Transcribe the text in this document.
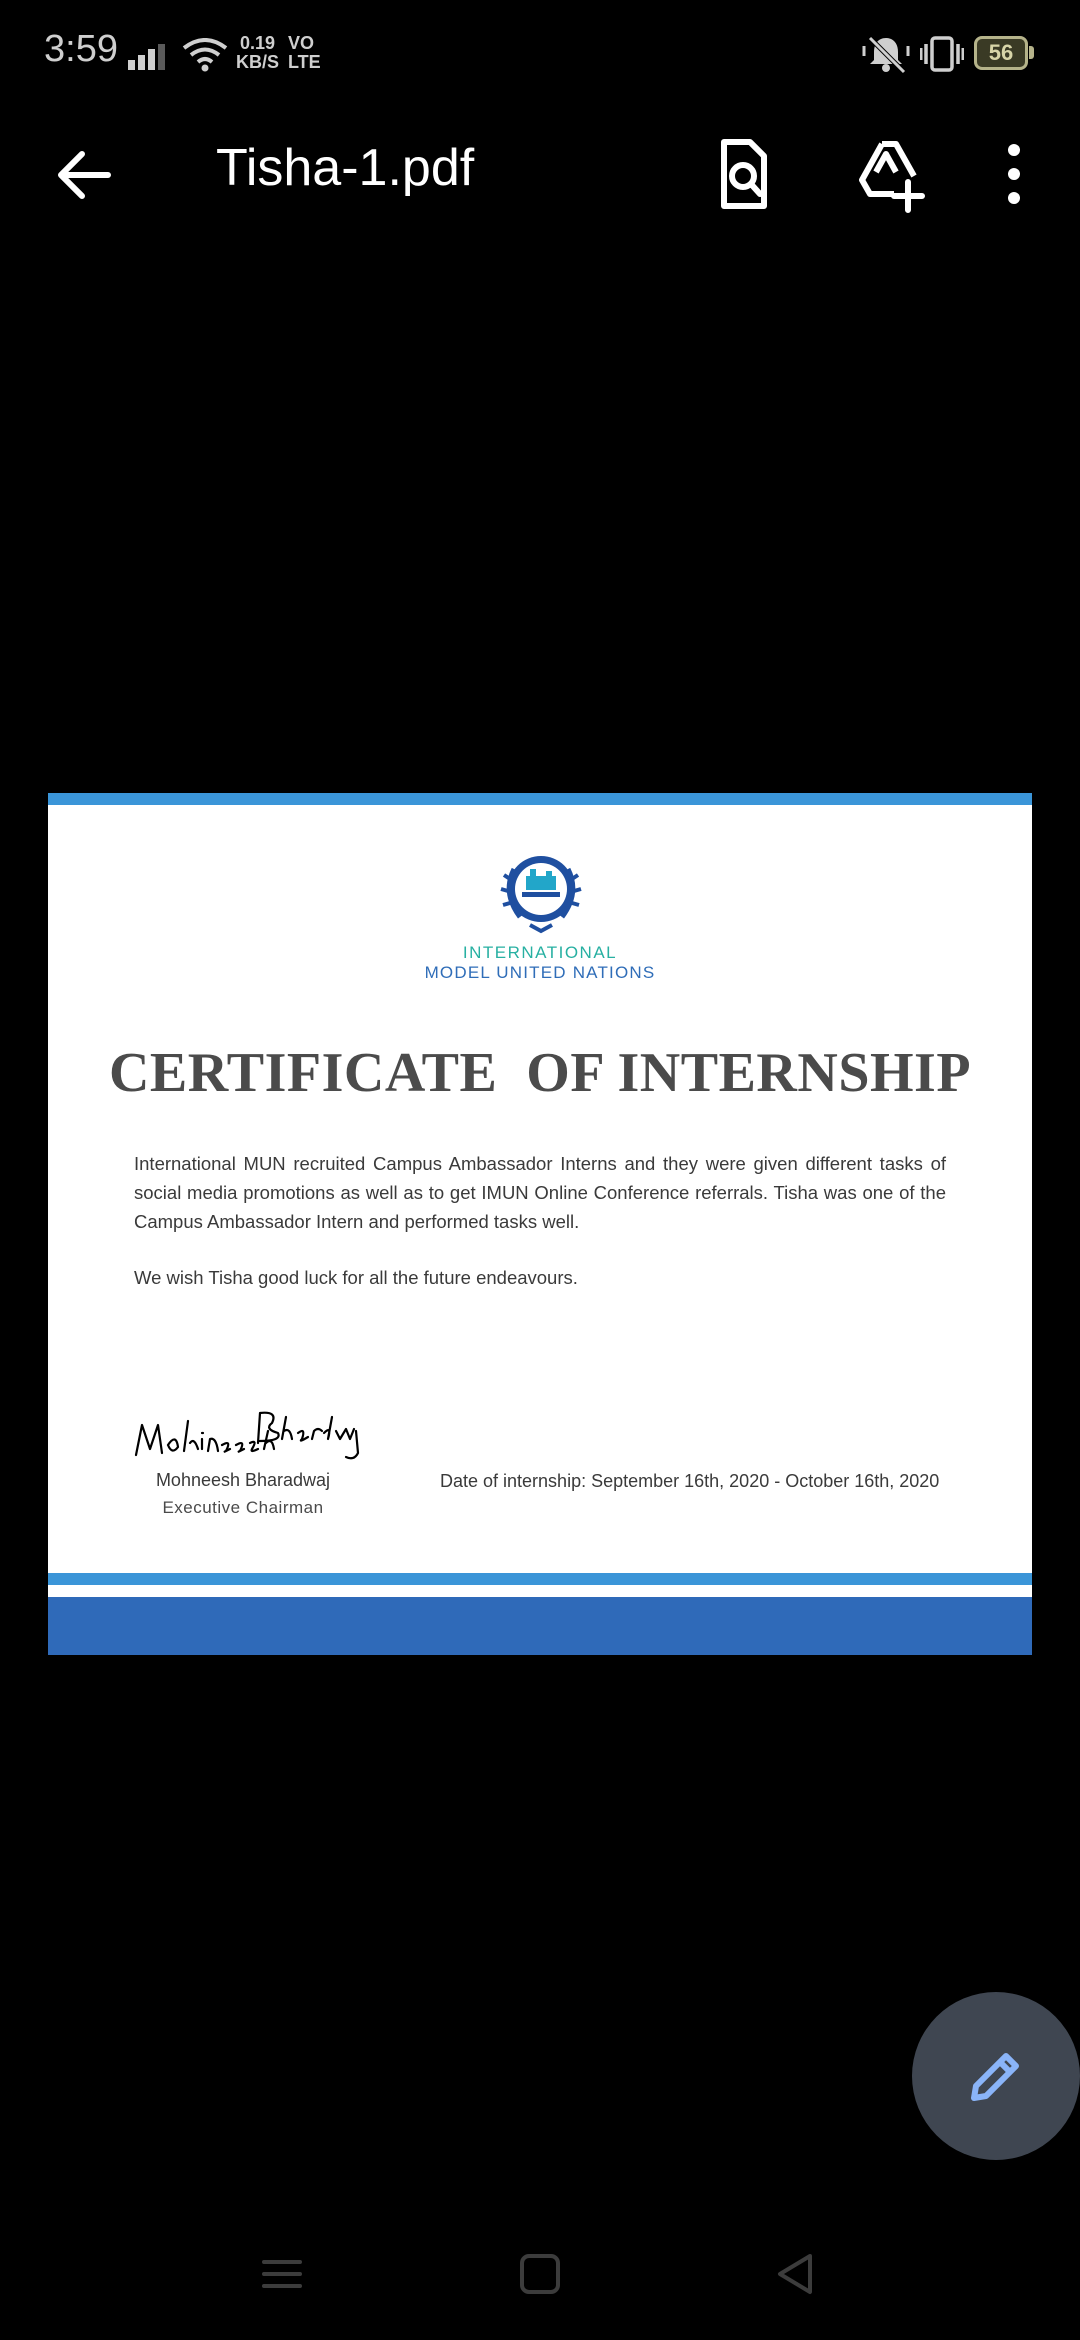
3:59	0.19
KB/S
VO
LTE	56
Tisha-1.pdf
INTERNATIONAL
MODEL UNITED NATIONS
CERTIFICATE  OF INTERNSHIP
International MUN recruited Campus Ambassador Interns and they were given different tasks of social media promotions as well as to get IMUN Online Conference referrals. Tisha was one of the Campus Ambassador Intern and performed tasks well.
We wish Tisha good luck for all the future endeavours.
Mohneesh Bharadwaj
Executive Chairman
Date of internship: September 16th, 2020 - October 16th, 2020
